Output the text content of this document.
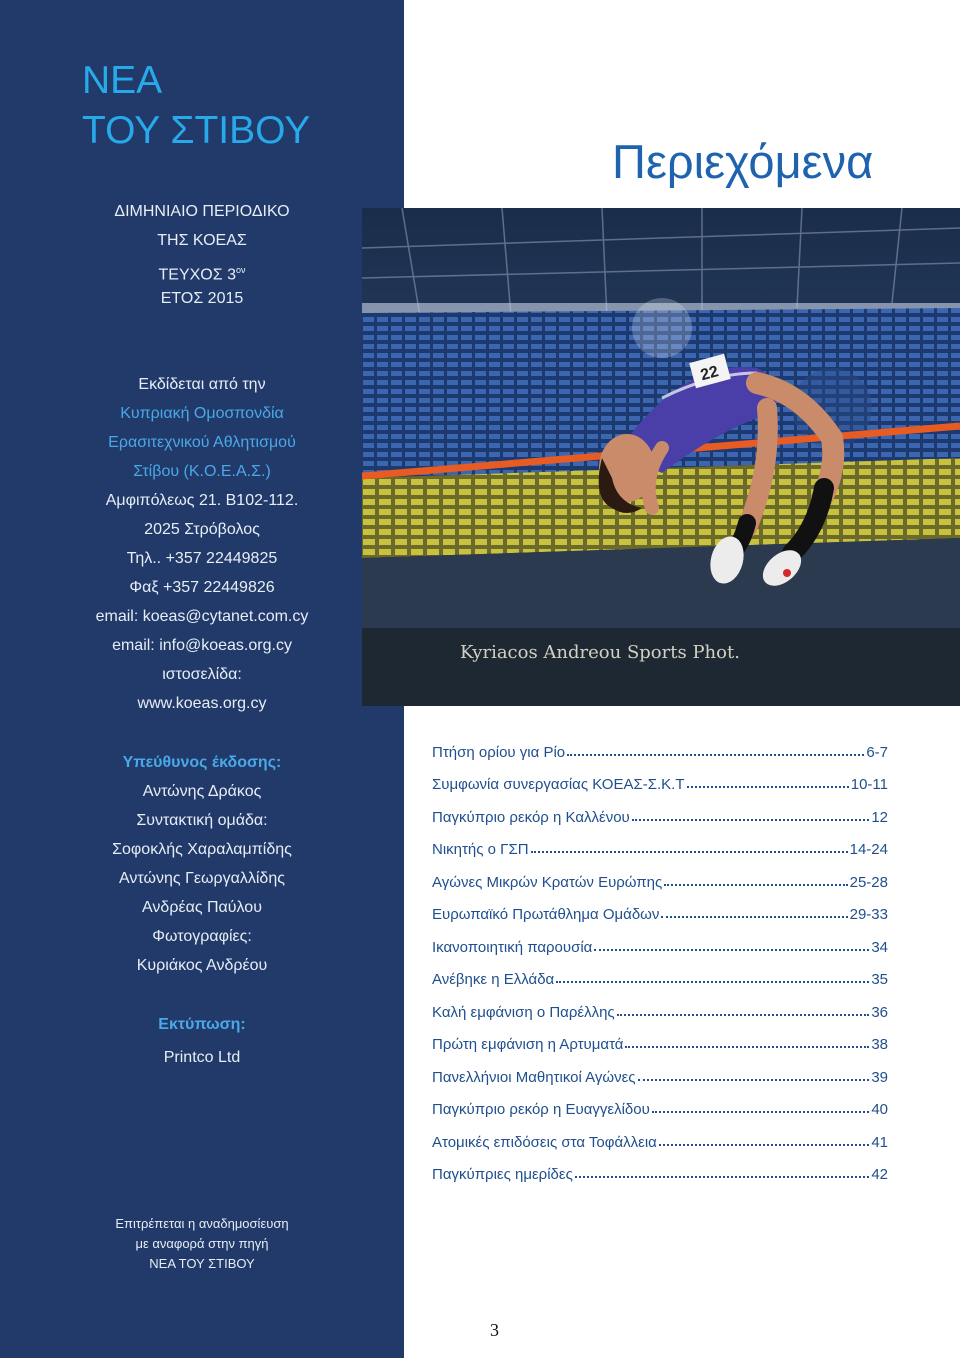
ΝΕΑ
ΤΟΥ ΣΤΙΒΟΥ
ΔΙΜΗΝΙΑΙΟ ΠΕΡΙΟΔΙΚΟ
ΤΗΣ ΚΟΕΑΣ
ΤΕΥΧΟΣ $3^{o\nu}$
ΕΤΟΣ 2015
Εκδίδεται από την
Κυπριακή Ομοσπονδία
Ερασιτεχνικού Αθλητισμού
Στίβου (Κ.Ο.Ε.Α.Σ.)
Αμφιπόλεως 21. Β102-112.
2025 Στρόβολος
Τηλ.. +357 22449825
Φαξ +357 22449826
email: koeas@cytanet.com.cy
email: info@koeas.org.cy
ιστοσελίδα:
www.koeas.org.cy
Υπεύθυνος έκδοσης:
Αντώνης Δράκος
Συντακτική ομάδα:
Σοφοκλής Χαραλαμπίδης
Αντώνης Γεωργαλλίδης
Ανδρέας Παύλου
Φωτογραφίες:
Κυριάκος Ανδρέου
Εκτύπωση:
Printco Ltd
Επιτρέπεται η αναδημοσίευση
με αναφορά στην πηγή
ΝΕΑ ΤΟΥ ΣΤΙΒΟΥ
Περιεχόμενα
22
Kyriacos Andreou Sports Phot.
Πτήση ορίου για Ρίο	6-7
Συμφωνία συνεργασίας ΚΟΕΑΣ-Σ.Κ.Τ	10-11
Παγκύπριο ρεκόρ η Καλλένου	12
Νικητής ο ΓΣΠ	14-24
Αγώνες Μικρών Κρατών Ευρώπης	25-28
Ευρωπαϊκό Πρωτάθλημα Ομάδων	29-33
Ικανοποιητική παρουσία	34
Ανέβηκε η Ελλάδα	35
Καλή εμφάνιση ο Παρέλλης	36
Πρώτη εμφάνιση η Αρτυματά	38
Πανελλήνιοι Μαθητικοί Αγώνες	39
Παγκύπριο ρεκόρ η Ευαγγελίδου	40
Ατομικές επιδόσεις στα Τοφάλλεια	41
Παγκύπριες ημερίδες	42
3
